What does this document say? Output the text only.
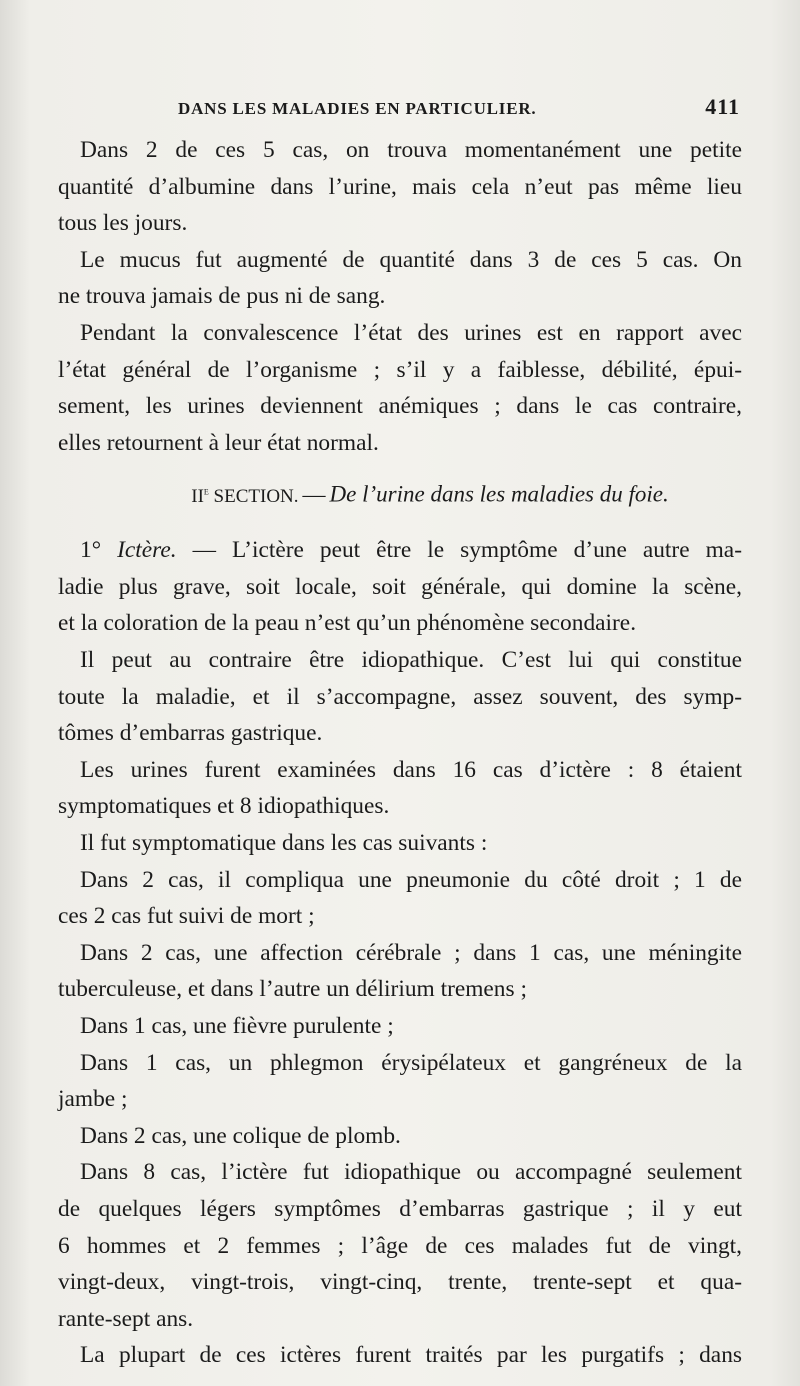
DANS LES MALADIES EN PARTICULIER.	411
Dans 2 de ces 5 cas, on trouva momentanément une petite
quantité d’albumine dans l’urine, mais cela n’eut pas même lieu
tous les jours.
Le mucus fut augmenté de quantité dans 3 de ces 5 cas. On
ne trouva jamais de pus ni de sang.
Pendant la convalescence l’état des urines est en rapport avec
l’état général de l’organisme ; s’il y a faiblesse, débilité, épui-
sement, les urines deviennent anémiques ; dans le cas contraire,
elles retournent à leur état normal.
IIe SECTION. — De l’urine dans les maladies du foie.
1° Ictère. — L’ictère peut être le symptôme d’une autre ma-
ladie plus grave, soit locale, soit générale, qui domine la scène,
et la coloration de la peau n’est qu’un phénomène secondaire.
Il peut au contraire être idiopathique. C’est lui qui constitue
toute la maladie, et il s’accompagne, assez souvent, des symp-
tômes d’embarras gastrique.
Les urines furent examinées dans 16 cas d’ictère : 8 étaient
symptomatiques et 8 idiopathiques.
Il fut symptomatique dans les cas suivants :
Dans 2 cas, il compliqua une pneumonie du côté droit ; 1 de
ces 2 cas fut suivi de mort ;
Dans 2 cas, une affection cérébrale ; dans 1 cas, une méningite
tuberculeuse, et dans l’autre un délirium tremens ;
Dans 1 cas, une fièvre purulente ;
Dans 1 cas, un phlegmon érysipélateux et gangréneux de la
jambe ;
Dans 2 cas, une colique de plomb.
Dans 8 cas, l’ictère fut idiopathique ou accompagné seulement
de quelques légers symptômes d’embarras gastrique ; il y eut
6 hommes et 2 femmes ; l’âge de ces malades fut de vingt,
vingt-deux, vingt-trois, vingt-cinq, trente, trente-sept et qua-
rante-sept ans.
La plupart de ces ictères furent traités par les purgatifs ; dans
